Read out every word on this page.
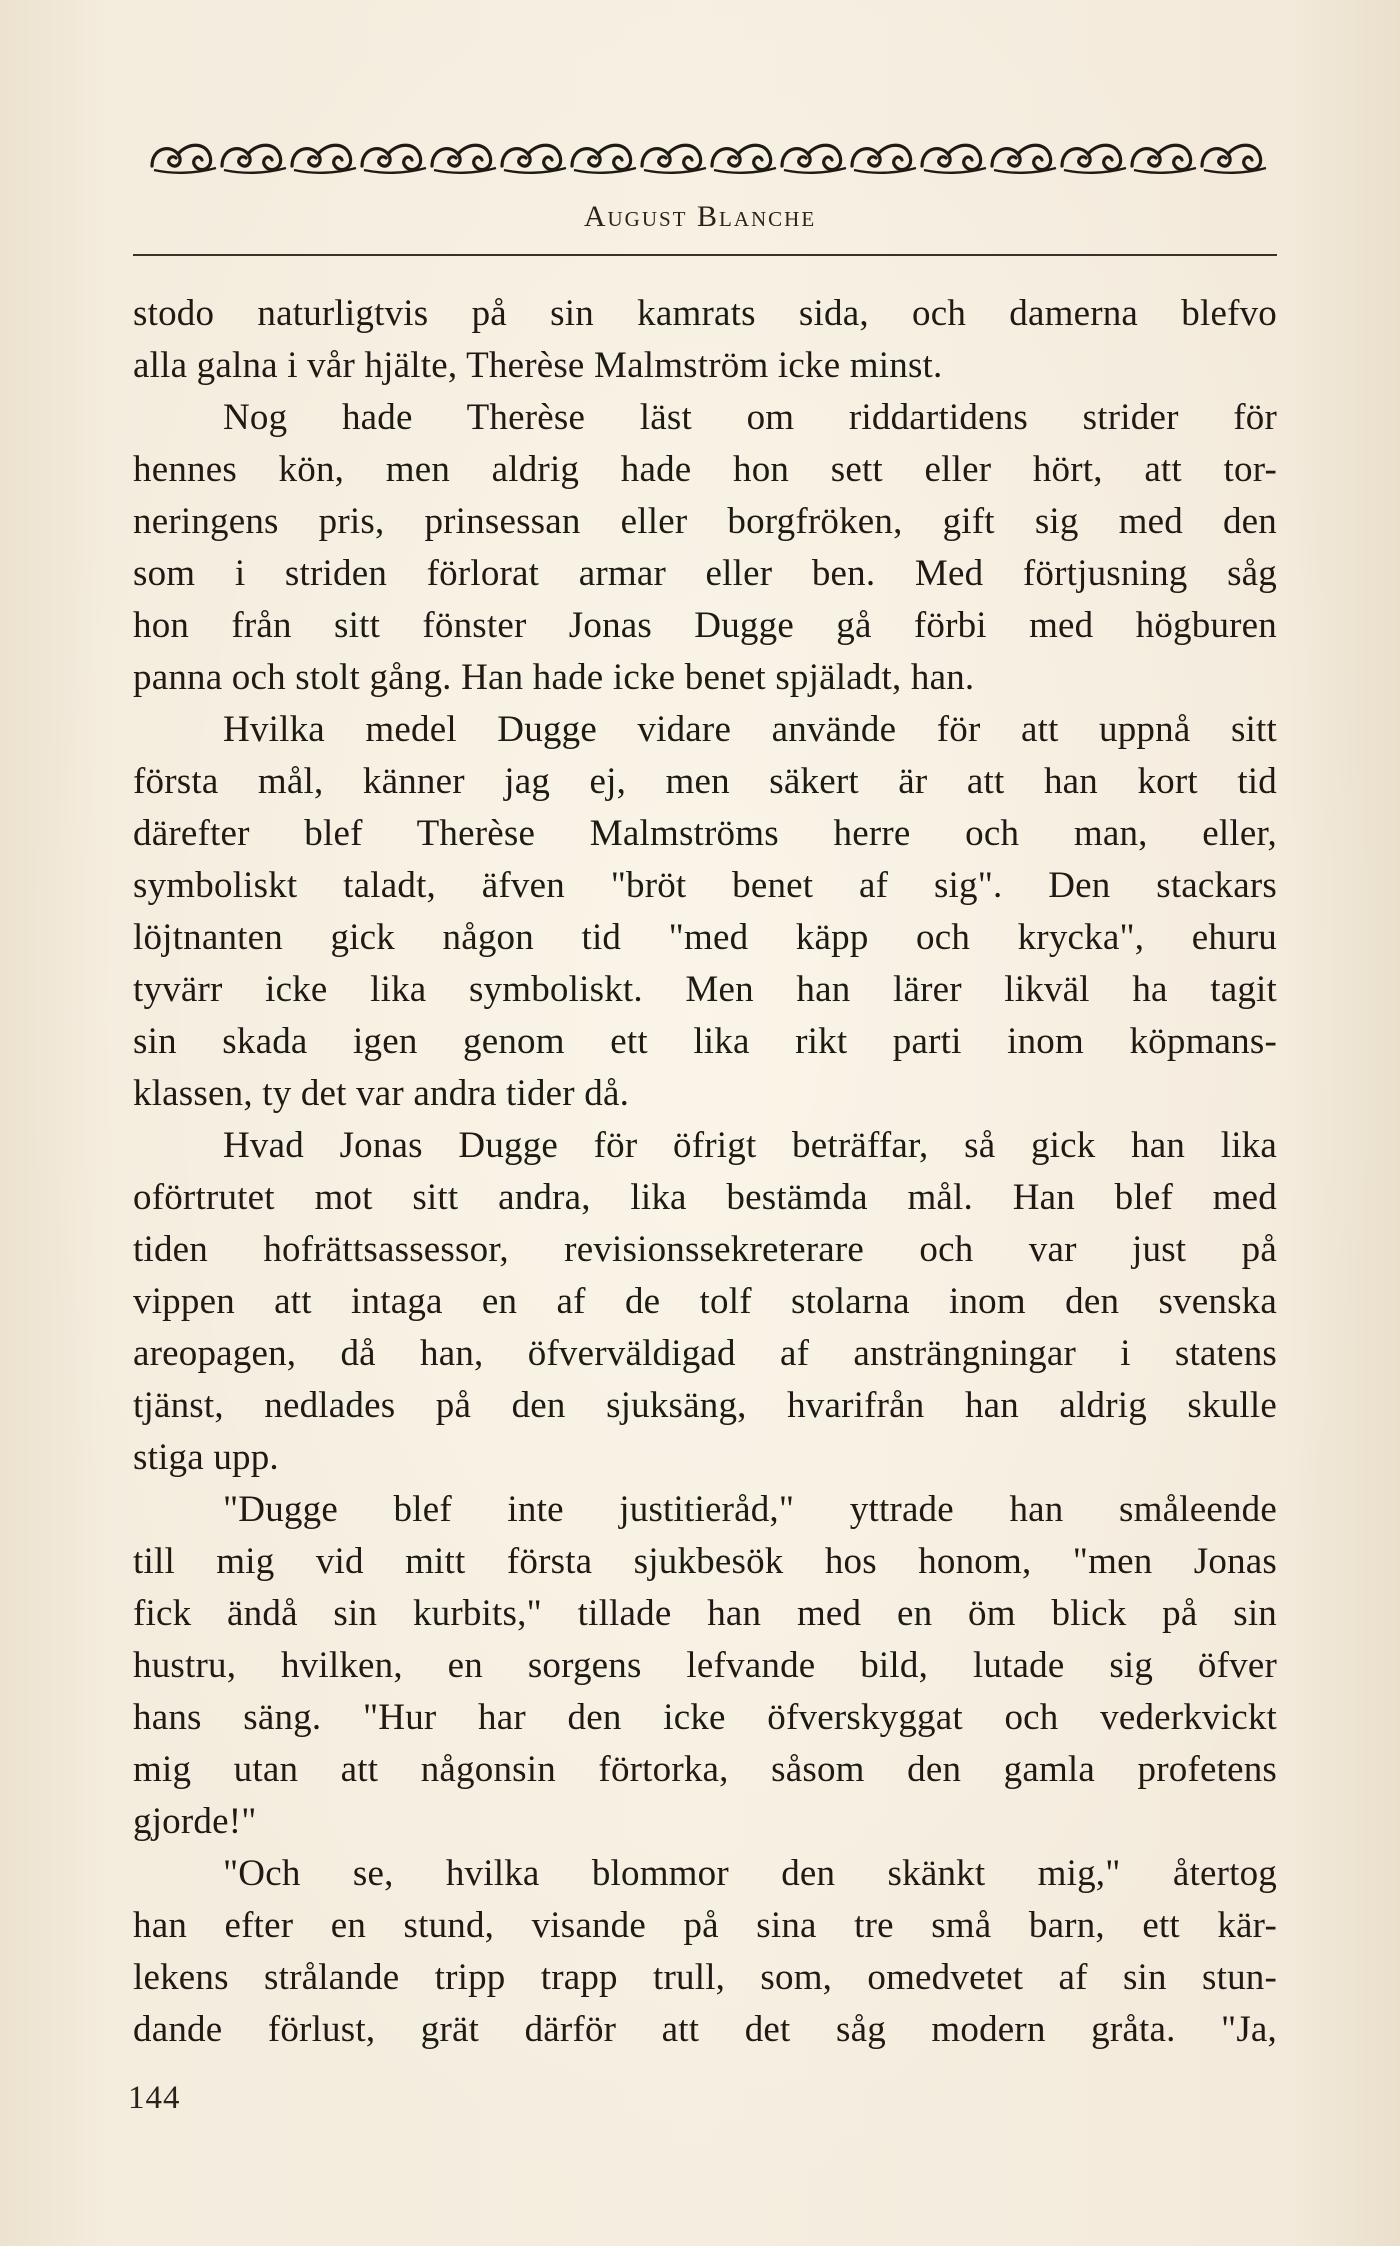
August Blanche
stodo naturligtvis på sin kamrats sida, och damerna blefvo
alla galna i vår hjälte, Therèse Malmström icke minst.
Nog hade Therèse läst om riddartidens strider för
hennes kön, men aldrig hade hon sett eller hört, att tor-
neringens pris, prinsessan eller borgfröken, gift sig med den
som i striden förlorat armar eller ben. Med förtjusning såg
hon från sitt fönster Jonas Dugge gå förbi med högburen
panna och stolt gång. Han hade icke benet spjäladt, han.
Hvilka medel Dugge vidare använde för att uppnå sitt
första mål, känner jag ej, men säkert är att han kort tid
därefter blef Therèse Malmströms herre och man, eller,
symboliskt taladt, äfven "bröt benet af sig". Den stackars
löjtnanten gick någon tid "med käpp och krycka", ehuru
tyvärr icke lika symboliskt. Men han lärer likväl ha tagit
sin skada igen genom ett lika rikt parti inom köpmans-
klassen, ty det var andra tider då.
Hvad Jonas Dugge för öfrigt beträffar, så gick han lika
oförtrutet mot sitt andra, lika bestämda mål. Han blef med
tiden hofrättsassessor, revisionssekreterare och var just på
vippen att intaga en af de tolf stolarna inom den svenska
areopagen, då han, öfverväldigad af ansträngningar i statens
tjänst, nedlades på den sjuksäng, hvarifrån han aldrig skulle
stiga upp.
"Dugge blef inte justitieråd," yttrade han småleende
till mig vid mitt första sjukbesök hos honom, "men Jonas
fick ändå sin kurbits," tillade han med en öm blick på sin
hustru, hvilken, en sorgens lefvande bild, lutade sig öfver
hans säng. "Hur har den icke öfverskyggat och vederkvickt
mig utan att någonsin förtorka, såsom den gamla profetens
gjorde!"
"Och se, hvilka blommor den skänkt mig," återtog
han efter en stund, visande på sina tre små barn, ett kär-
lekens strålande tripp trapp trull, som, omedvetet af sin stun-
dande förlust, grät därför att det såg modern gråta. "Ja,
144
